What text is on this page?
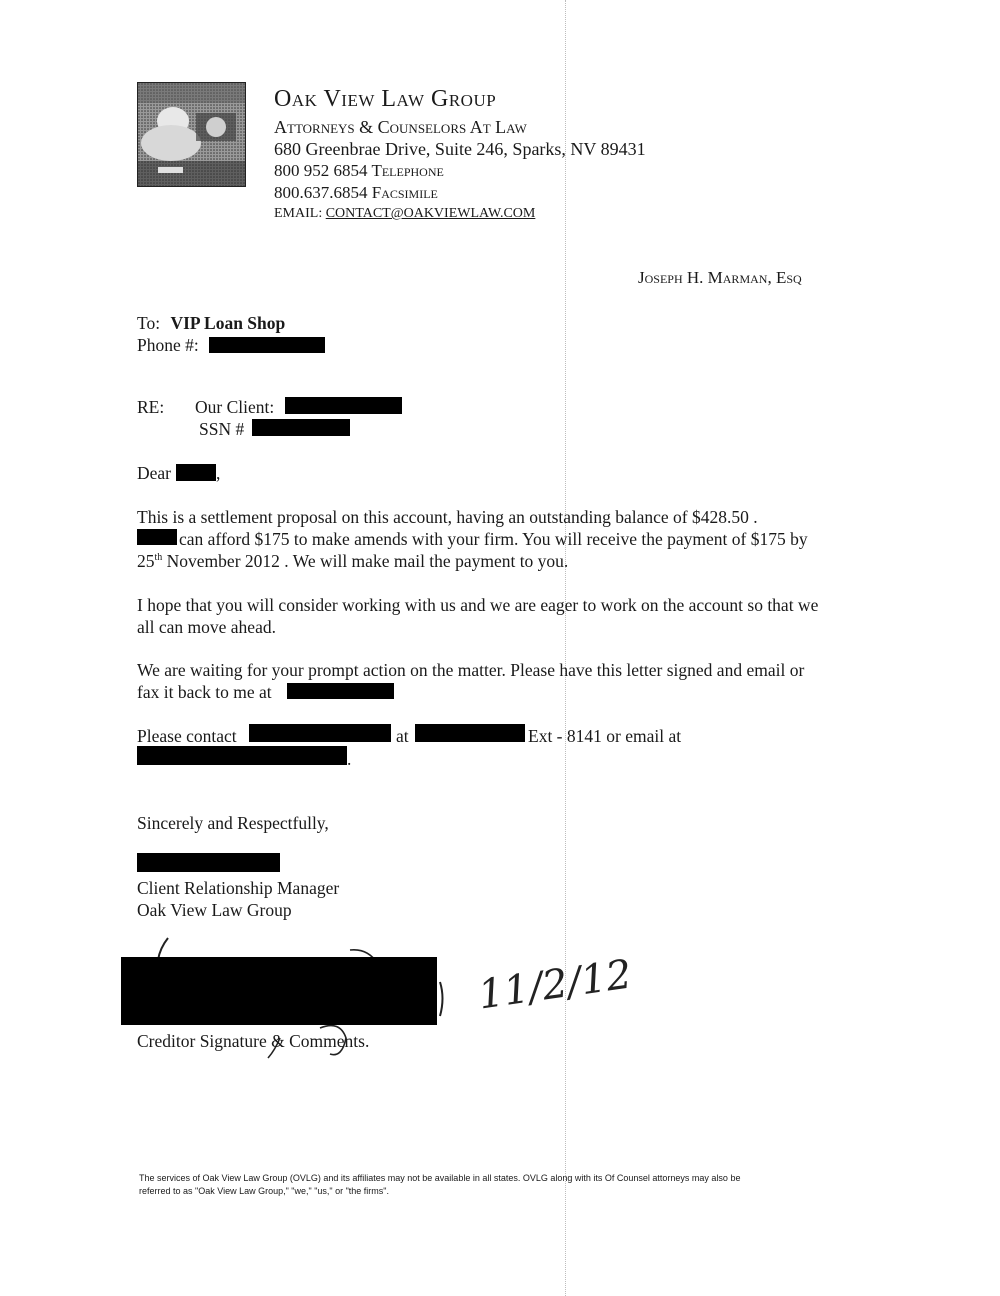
Oak View Law Group
Attorneys & Counselors At Law
680 Greenbrae Drive, Suite 246, Sparks, NV 89431
800 952 6854 Telephone
800.637.6854 Facsimile
EMAIL: CONTACT@OAKVIEWLAW.COM
Joseph H. Marman, Esq
To: VIP Loan Shop
Phone #:
RE: Our Client:
SSN #
Dear	,
This is a settlement proposal on this account, having an outstanding balance of $428.50 .
can afford $175 to make amends with your firm. You will receive the payment of $175 by
25th November 2012 . We will make mail the payment to you.
I hope that you will consider working with us and we are eager to work on the account so that we
all can move ahead.
We are waiting for your prompt action on the matter. Please have this letter signed and email or
fax it back to me at
Please contact	at	Ext - 8141 or email at
.
Sincerely and Respectfully,
Client Relationship Manager
Oak View Law Group
11/2/12
Creditor Signature & Comments.
The services of Oak View Law Group (OVLG) and its affiliates may not be available in all states. OVLG along with its Of Counsel attorneys may also be
referred to as "Oak View Law Group," "we," "us," or "the firms".
